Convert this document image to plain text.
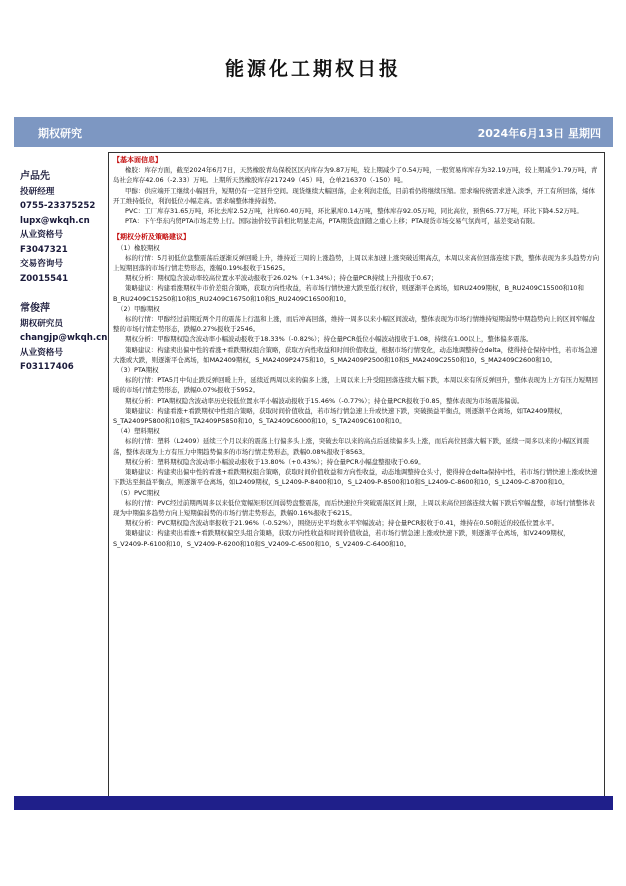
能源化工期权日报
期权研究	2024年6月13日 星期四
卢品先
投研经理
0755-23375252
lupx@wkqh.cn
从业资格号
F3047321
交易咨询号
Z0015541
常俊萍
期权研究员
changjp@wkqh.cn
从业资格号
F03117406
【基本面信息】

橡胶：库存方面，截至2024年6月7日，天然橡胶青岛保税区区内库存为9.87万吨，较上期减少了0.54万吨，一般贸易库库存为32.19万吨，较上期减少1.79万吨，青岛社会库存42.06（-2.33）万吨。上期所天然橡胶库存217249（45）吨，仓单216370（-150）吨。

甲醇：供应端开工继续小幅回升，短期仍有一定回升空间。现货继续大幅回落，企业利润走低，目前看仍将继续压缩。需求端传统需求进入淡季，开工有所回落，烯体开工维持低位，利润低位小幅走高。需求端整体维持弱势。

PVC：工厂库存31.65万吨，环比去库2.52万吨，社库60.40万吨，环比累库0.14万吨，整体库存92.05万吨，同比高位，预售65.77万吨，环比下降4.52万吨。

PTA：下午华东内贸PTA市场走势上行。国际油价较节前相比明显走高，PTA期货盘面随之重心上移；PTA现货市场交易气氛尚可，基差变动有限。

【期权分析及策略建议】

（1）橡胶期权

标的行情：5月初低位盘整震荡后逐渐反弹回暖上升，维持近三周的上涨趋势，上周以来加速上涨突破近期高点，本周以来高位回落连续下跌，整体表现为多头趋势方向上短期回落的市场行情走势形态，涨幅0.19%报收于15625。

期权分析：期权隐含波动率较高位置水平波动报收于26.02%（+1.34%）；持仓量PCR持续上升报收于0.67；

策略建议：构建看涨期权牛市价差组合策略，获取方向性收益，若市场行情快速大跌至低行权价，则逐渐平仓离场，如RU2409期权，B_RU2409C15500和10和B_RU2409C15250和10和S_RU2409C16750和10和S_RU2409C16500和10。

（2）甲醇期权

标的行情：甲醇经过前期近两个月的震荡上行温和上涨，而后冲高回落，维持一周多以来小幅区间波动，整体表现为市场行情维持短期弱势中期趋势向上的区间窄幅盘整的市场行情走势形态，跌幅0.27%报收于2546。

期权分析：甲醇期权隐含波动率小幅波动报收于18.33%（-0.82%）；持仓量PCR低位小幅波动报收于1.08，持续在1.00以上，整体偏多震荡。

策略建议：构建卖出偏中性的看涨+看跌期权组合策略，获取方向性收益和时间价值收益，根据市场行情变化，动态地调整持仓delta，使得持仓保持中性，若市场急速大涨或大跌，则逐渐平仓离场，如MA2409期权，S_MA2409P2475和10，S_MA2409P2500和10和S_MA2409C2550和10，S_MA2409C2600和10。

（3）PTA期权

标的行情：PTA5月中旬止跌反弹回暖上升，延续近两周以来的偏多上涨，上周以来上升受阻回落连续大幅下跌，本周以来有所反弹回升，整体表现为上方有压力短期回暖的市场行情走势形态，跌幅0.07%报收于5952。

期权分析：PTA期权隐含波动率历史较低位置水平小幅波动报收于15.46%（-0.77%）；持仓量PCR报收于0.85，整体表现为市场震荡偏弱。

策略建议：构建看涨+看跌期权中性组合策略，获取时间价值收益，若市场行情急速上升或快速下跌，突破损益平衡点，则逐渐平仓离场，如TA2409期权，S_TA2409P5800和10和S_TA2409P5850和10，S_TA2409C6000和10，S_TA2409C6100和10。

（4）塑料期权

标的行情：塑料（L2409）延续三个月以来的震荡上行偏多头上涨，突破去年以来的高点后延续偏多头上涨，而后高位回落大幅下跌，延续一周多以来的小幅区间震荡，整体表现为上方有压力中期趋势偏多的市场行情走势形态，跌幅0.08%报收于8563。

期权分析：塑料期权隐含波动率小幅波动报收于13.80%（+0.43%）；持仓量PCR小幅盘整报收于0.69。

策略建议：构建卖出偏中性的看涨+看跌期权组合策略，获取时间价值收益和方向性收益，动态地调整持仓头寸，使得持仓delta保持中性，若市场行情快速上涨或快速下跌达至损益平衡点，则逐渐平仓离场，如L2409期权，S_L2409-P-8400和10，S_L2409-P-8500和10和S_L2409-C-8600和10，S_L2409-C-8700和10。

（5）PVC期权

标的行情：PVC经过前期两周多以来低位宽幅矩形区间弱势盘整震荡，而后快速拉升突破震荡区间上限，上周以来高位回落连续大幅下跌后窄幅盘整，市场行情整体表现为中期偏多趋势方向上短期偏弱势的市场行情走势形态，跌幅0.16%报收于6215。

期权分析：PVC期权隐含波动率报收于21.96%（-0.52%），围绕历史平均数水平窄幅波动；持仓量PCR报收于0.41，维持在0.50附近的较低位置水平。

策略建议：构建卖出看涨+看跌期权偏空头组合策略，获取方向性收益和时间价值收益，若市场行情急速上涨或快速下跌，则逐渐平仓离场，如V2409期权，S_V2409-P-6100和10，S_V2409-P-6200和10和S_V2409-C-6500和10，S_V2409-C-6400和10。
